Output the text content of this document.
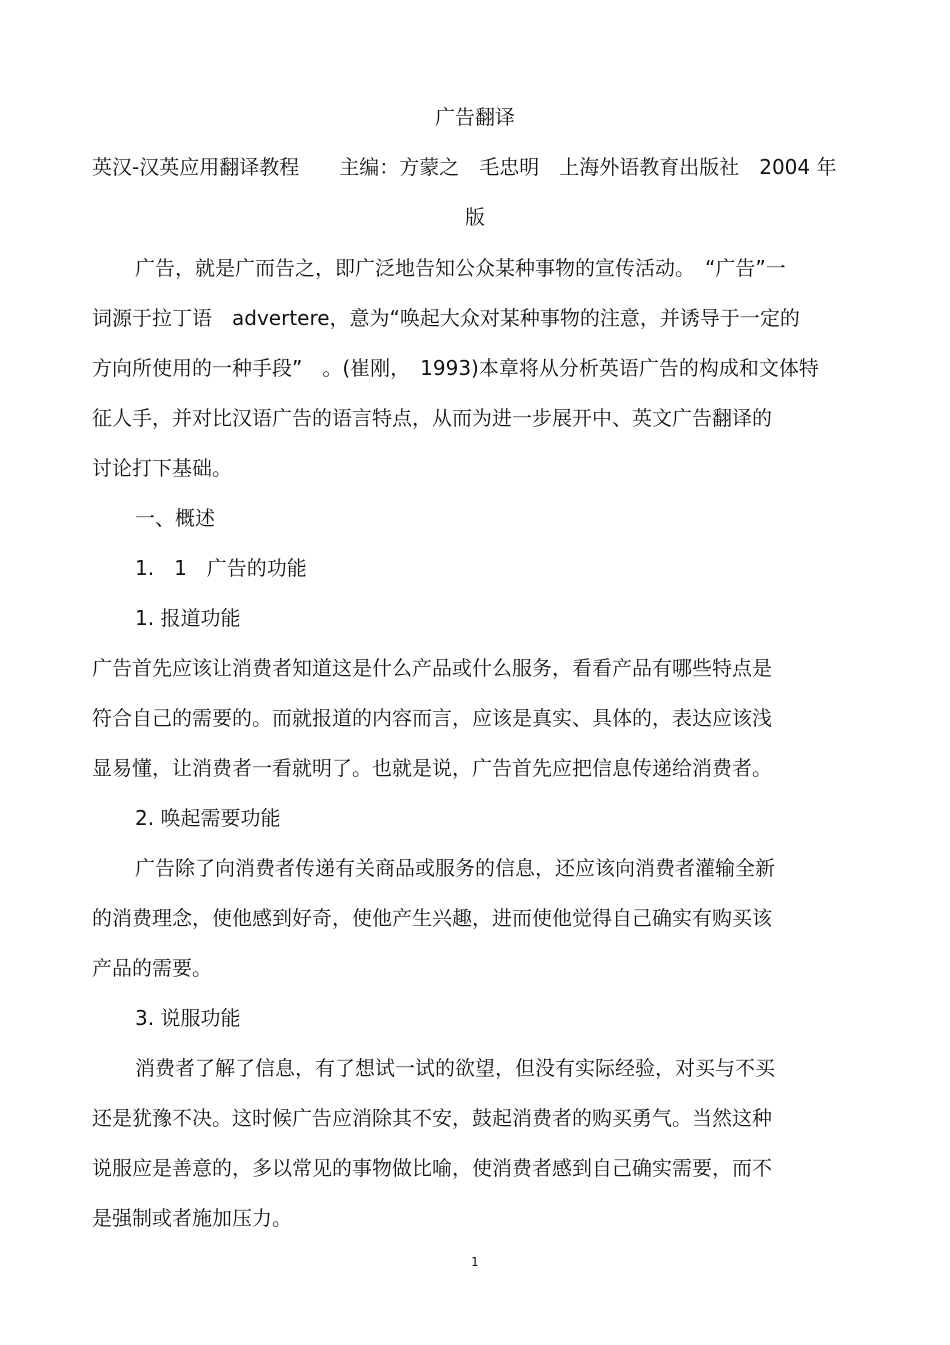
广告翻译
英汉-汉英应用翻译教程　　主编：方蒙之　毛忠明　上海外语教育出版社　2004 年
版
广告，就是广而告之，即广泛地告知公众某种事物的宣传活动。　“广告”一
词源于拉丁语　advertere，意为“唤起大众对某种事物的注意，并诱导于一定的
方向所使用的一种手段”　。(崔刚，　1993)本章将从分析英语广告的构成和文体特
征人手，并对比汉语广告的语言特点，从而为进一步展开中、英文广告翻译的
讨论打下基础。
一、概述
1.　1　广告的功能
1. 报道功能
广告首先应该让消费者知道这是什么产品或什么服务，看看产品有哪些特点是
符合自己的需要的。而就报道的内容而言，应该是真实、具体的，表达应该浅
显易懂，让消费者一看就明了。也就是说，广告首先应把信息传递给消费者。
2. 唤起需要功能
广告除了向消费者传递有关商品或服务的信息，还应该向消费者灌输全新
的消费理念，使他感到好奇，使他产生兴趣，进而使他觉得自己确实有购买该
产品的需要。
3. 说服功能
消费者了解了信息，有了想试一试的欲望，但没有实际经验，对买与不买
还是犹豫不决。这时候广告应消除其不安，鼓起消费者的购买勇气。当然这种
说服应是善意的，多以常见的事物做比喻，使消费者感到自己确实需要，而不
是强制或者施加压力。
1
